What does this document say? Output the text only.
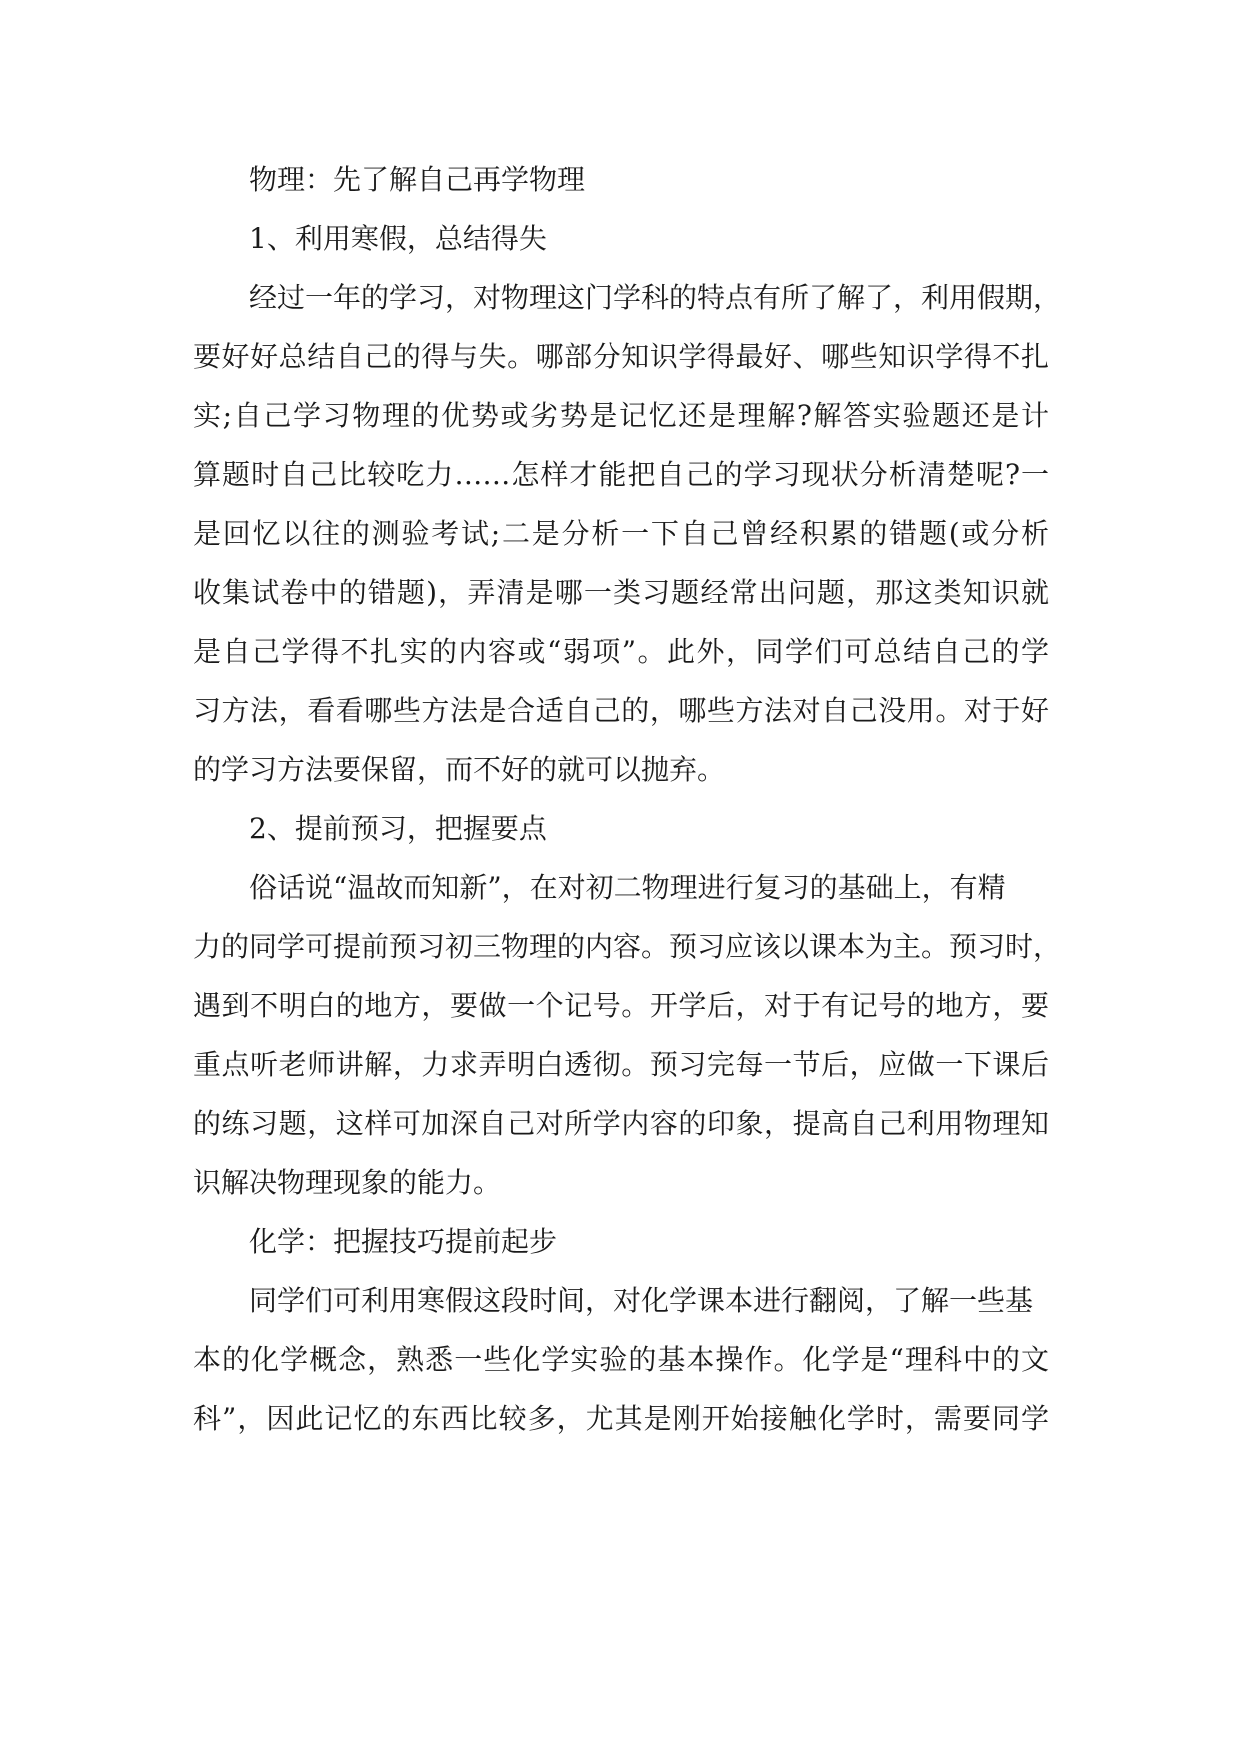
物理：先了解自己再学物理
1、利用寒假，总结得失
经过一年的学习，对物理这门学科的特点有所了解了，利用假期，
要好好总结自己的得与失。哪部分知识学得最好、哪些知识学得不扎
实;自己学习物理的优势或劣势是记忆还是理解?解答实验题还是计
算题时自己比较吃力……怎样才能把自己的学习现状分析清楚呢?一
是回忆以往的测验考试;二是分析一下自己曾经积累的错题(或分析
收集试卷中的错题)，弄清是哪一类习题经常出问题，那这类知识就
是自己学得不扎实的内容或“弱项”。此外，同学们可总结自己的学
习方法，看看哪些方法是合适自己的，哪些方法对自己没用。对于好
的学习方法要保留，而不好的就可以抛弃。
2、提前预习，把握要点
俗话说“温故而知新”，在对初二物理进行复习的基础上，有精
力的同学可提前预习初三物理的内容。预习应该以课本为主。预习时，
遇到不明白的地方，要做一个记号。开学后，对于有记号的地方，要
重点听老师讲解，力求弄明白透彻。预习完每一节后，应做一下课后
的练习题，这样可加深自己对所学内容的印象，提高自己利用物理知
识解决物理现象的能力。
化学：把握技巧提前起步
同学们可利用寒假这段时间，对化学课本进行翻阅，了解一些基
本的化学概念，熟悉一些化学实验的基本操作。化学是“理科中的文
科”，因此记忆的东西比较多，尤其是刚开始接触化学时，需要同学
